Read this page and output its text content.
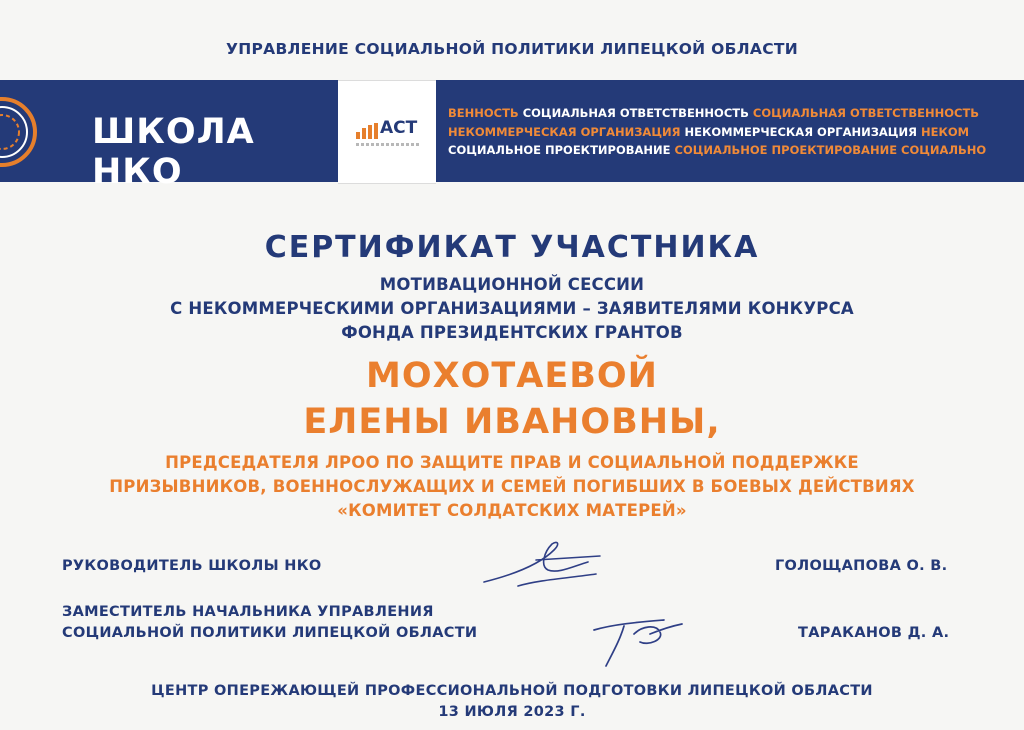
УПРАВЛЕНИЕ СОЦИАЛЬНОЙ ПОЛИТИКИ ЛИПЕЦКОЙ ОБЛАСТИ
ШКОЛА НКО
АСТ
ВЕННОСТЬ СОЦИАЛЬНАЯ ОТВЕТСТВЕННОСТЬ СОЦИАЛЬНАЯ ОТВЕТСТВЕННОСТЬ
НЕКОММЕРЧЕСКАЯ ОРГАНИЗАЦИЯ НЕКОММЕРЧЕСКАЯ ОРГАНИЗАЦИЯ НЕКОМ
СОЦИАЛЬНОЕ ПРОЕКТИРОВАНИЕ СОЦИАЛЬНОЕ ПРОЕКТИРОВАНИЕ СОЦИАЛЬНО
СЕРТИФИКАТ УЧАСТНИКА
МОТИВАЦИОННОЙ СЕССИИ
С НЕКОММЕРЧЕСКИМИ ОРГАНИЗАЦИЯМИ – ЗАЯВИТЕЛЯМИ КОНКУРСА
ФОНДА ПРЕЗИДЕНТСКИХ ГРАНТОВ
МОХОТАЕВОЙ
ЕЛЕНЫ ИВАНОВНЫ,
ПРЕДСЕДАТЕЛЯ ЛРОО ПО ЗАЩИТЕ ПРАВ И СОЦИАЛЬНОЙ ПОДДЕРЖКЕ
ПРИЗЫВНИКОВ, ВОЕННОСЛУЖАЩИХ И СЕМЕЙ ПОГИБШИХ В БОЕВЫХ ДЕЙСТВИЯХ
«КОМИТЕТ СОЛДАТСКИХ МАТЕРЕЙ»
РУКОВОДИТЕЛЬ ШКОЛЫ НКО	ГОЛОЩАПОВА О. В.
ЗАМЕСТИТЕЛЬ НАЧАЛЬНИКА УПРАВЛЕНИЯ
СОЦИАЛЬНОЙ ПОЛИТИКИ ЛИПЕЦКОЙ ОБЛАСТИ	ТАРАКАНОВ Д. А.
ЦЕНТР ОПЕРЕЖАЮЩЕЙ ПРОФЕССИОНАЛЬНОЙ ПОДГОТОВКИ ЛИПЕЦКОЙ ОБЛАСТИ
13 ИЮЛЯ 2023 Г.
